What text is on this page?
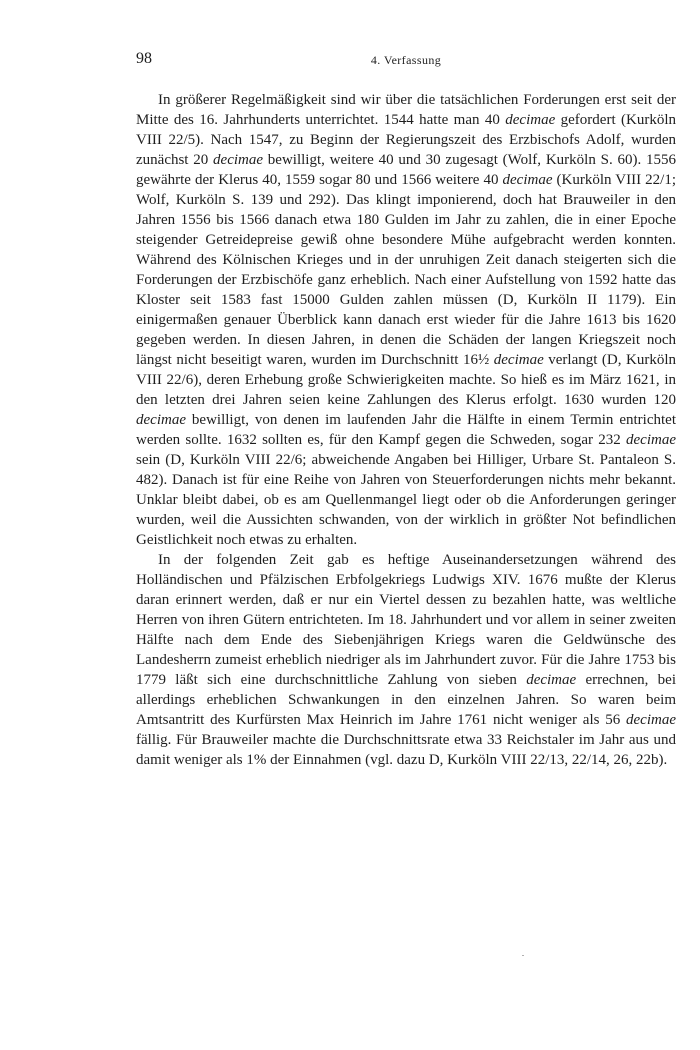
98	4. Verfassung

In größerer Regelmäßigkeit sind wir über die tatsächlichen Forderungen erst seit der Mitte des 16. Jahrhunderts unterrichtet. 1544 hatte man 40 decimae gefordert (Kurköln VIII 22/5). Nach 1547, zu Beginn der Regierungszeit des Erzbischofs Adolf, wurden zunächst 20 decimae bewilligt, weitere 40 und 30 zugesagt (Wolf, Kurköln S. 60). 1556 gewährte der Klerus 40, 1559 sogar 80 und 1566 weitere 40 decimae (Kurköln VIII 22/1; Wolf, Kurköln S. 139 und 292). Das klingt imponierend, doch hat Brauweiler in den Jahren 1556 bis 1566 danach etwa 180 Gulden im Jahr zu zahlen, die in einer Epoche steigender Getreidepreise gewiß ohne besondere Mühe aufgebracht werden konnten. Während des Kölnischen Krieges und in der unruhigen Zeit danach steigerten sich die Forderungen der Erzbischöfe ganz erheblich. Nach einer Aufstellung von 1592 hatte das Kloster seit 1583 fast 15000 Gulden zahlen müssen (D, Kurköln II 1179). Ein einigermaßen genauer Überblick kann danach erst wieder für die Jahre 1613 bis 1620 gegeben werden. In diesen Jahren, in denen die Schäden der langen Kriegszeit noch längst nicht beseitigt waren, wurden im Durchschnitt 16½ decimae verlangt (D, Kurköln VIII 22/6), deren Erhebung große Schwierigkeiten machte. So hieß es im März 1621, in den letzten drei Jahren seien keine Zahlungen des Klerus erfolgt. 1630 wurden 120 decimae bewilligt, von denen im laufenden Jahr die Hälfte in einem Termin entrichtet werden sollte. 1632 sollten es, für den Kampf gegen die Schweden, sogar 232 decimae sein (D, Kurköln VIII 22/6; abweichende Angaben bei Hilliger, Urbare St. Pantaleon S. 482). Danach ist für eine Reihe von Jahren von Steuerforderungen nichts mehr bekannt. Unklar bleibt dabei, ob es am Quellenmangel liegt oder ob die Anforderungen geringer wurden, weil die Aussichten schwanden, von der wirklich in größter Not befindlichen Geistlichkeit noch etwas zu erhalten.

In der folgenden Zeit gab es heftige Auseinandersetzungen während des Holländischen und Pfälzischen Erbfolgekriegs Ludwigs XIV. 1676 mußte der Klerus daran erinnert werden, daß er nur ein Viertel dessen zu bezahlen hatte, was weltliche Herren von ihren Gütern entrichteten. Im 18. Jahrhundert und vor allem in seiner zweiten Hälfte nach dem Ende des Siebenjährigen Kriegs waren die Geldwünsche des Landesherrn zumeist erheblich niedriger als im Jahrhundert zuvor. Für die Jahre 1753 bis 1779 läßt sich eine durchschnittliche Zahlung von sieben decimae errechnen, bei allerdings erheblichen Schwankungen in den einzelnen Jahren. So waren beim Amtsantritt des Kurfürsten Max Heinrich im Jahre 1761 nicht weniger als 56 decimae fällig. Für Brauweiler machte die Durchschnittsrate etwa 33 Reichstaler im Jahr aus und damit weniger als 1% der Einnahmen (vgl. dazu D, Kurköln VIII 22/13, 22/14, 26, 22b).
